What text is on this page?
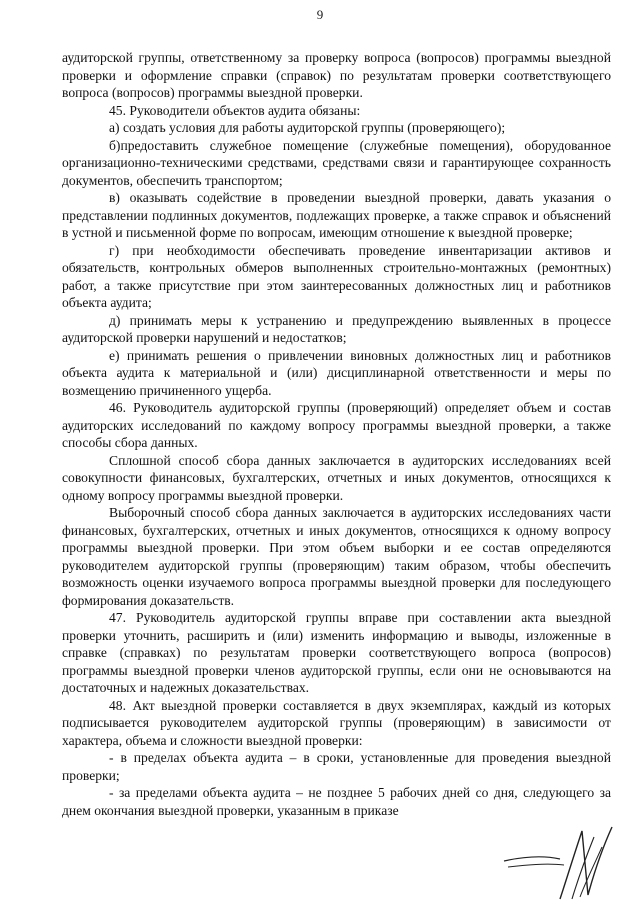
9

аудиторской группы, ответственному за проверку вопроса (вопросов) программы выездной проверки и оформление справки (справок) по результатам проверки соответствующего вопроса (вопросов) программы выездной проверки.

45. Руководители объектов аудита обязаны:

а) создать условия для работы аудиторской группы (проверяющего);

б)предоставить служебное помещение (служебные помещения), оборудованное организационно-техническими средствами, средствами связи и гарантирующее сохранность документов, обеспечить транспортом;

в) оказывать содействие в проведении выездной проверки, давать указания о представлении подлинных документов, подлежащих проверке, а также справок и объяснений в устной и письменной форме по вопросам, имеющим отношение к выездной проверке;

г) при необходимости обеспечивать проведение инвентаризации активов и обязательств, контрольных обмеров выполненных строительно-монтажных (ремонтных) работ, а также присутствие при этом заинтересованных должностных лиц и работников объекта аудита;

д) принимать меры к устранению и предупреждению выявленных в процессе аудиторской проверки нарушений и недостатков;

е) принимать решения о привлечении виновных должностных лиц и работников объекта аудита к материальной и (или) дисциплинарной ответственности и меры по возмещению причиненного ущерба.

46. Руководитель аудиторской группы (проверяющий) определяет объем и состав аудиторских исследований по каждому вопросу программы выездной проверки, а также способы сбора данных.

Сплошной способ сбора данных заключается в аудиторских исследованиях всей совокупности финансовых, бухгалтерских, отчетных и иных документов, относящихся к одному вопросу программы выездной проверки.

Выборочный способ сбора данных заключается в аудиторских исследованиях части финансовых, бухгалтерских, отчетных и иных документов, относящихся к одному вопросу программы выездной проверки. При этом объем выборки и ее состав определяются руководителем аудиторской группы (проверяющим) таким образом, чтобы обеспечить возможность оценки изучаемого вопроса программы выездной проверки для последующего формирования доказательств.

47. Руководитель аудиторской группы вправе при составлении акта выездной проверки уточнить, расширить и (или) изменить информацию и выводы, изложенные в справке (справках) по результатам проверки соответствующего вопроса (вопросов) программы выездной проверки членов аудиторской группы, если они не основываются на достаточных и надежных доказательствах.

48. Акт выездной проверки составляется в двух экземплярах, каждый из которых подписывается руководителем аудиторской группы (проверяющим) в зависимости от характера, объема и сложности выездной проверки:

- в пределах объекта аудита – в сроки, установленные для проведения выездной проверки;

- за пределами объекта аудита – не позднее 5 рабочих дней со дня, следующего за днем окончания выездной проверки, указанным в приказе
